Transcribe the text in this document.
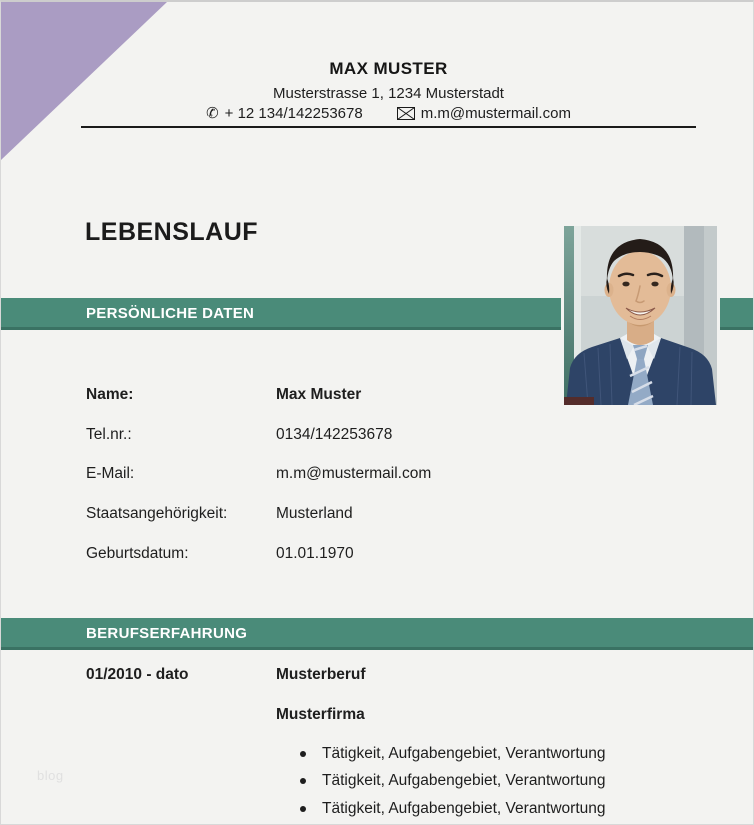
MAX MUSTER
Musterstrasse 1, 1234 Musterstadt
✆ + 12 134/142253678	m.m@mustermail.com
LEBENSLAUF
PERSÖNLICHE DATEN
Name:	Max Muster
Tel.nr.:	0134/142253678
E-Mail:	m.m@mustermail.com
Staatsangehörigkeit:	Musterland
Geburtsdatum:	01.01.1970
BERUFSERFAHRUNG
01/2010 - dato	Musterberuf
Musterfirma
Tätigkeit, Aufgabengebiet, Verantwortung
Tätigkeit, Aufgabengebiet, Verantwortung
Tätigkeit, Aufgabengebiet, Verantwortung
blog
